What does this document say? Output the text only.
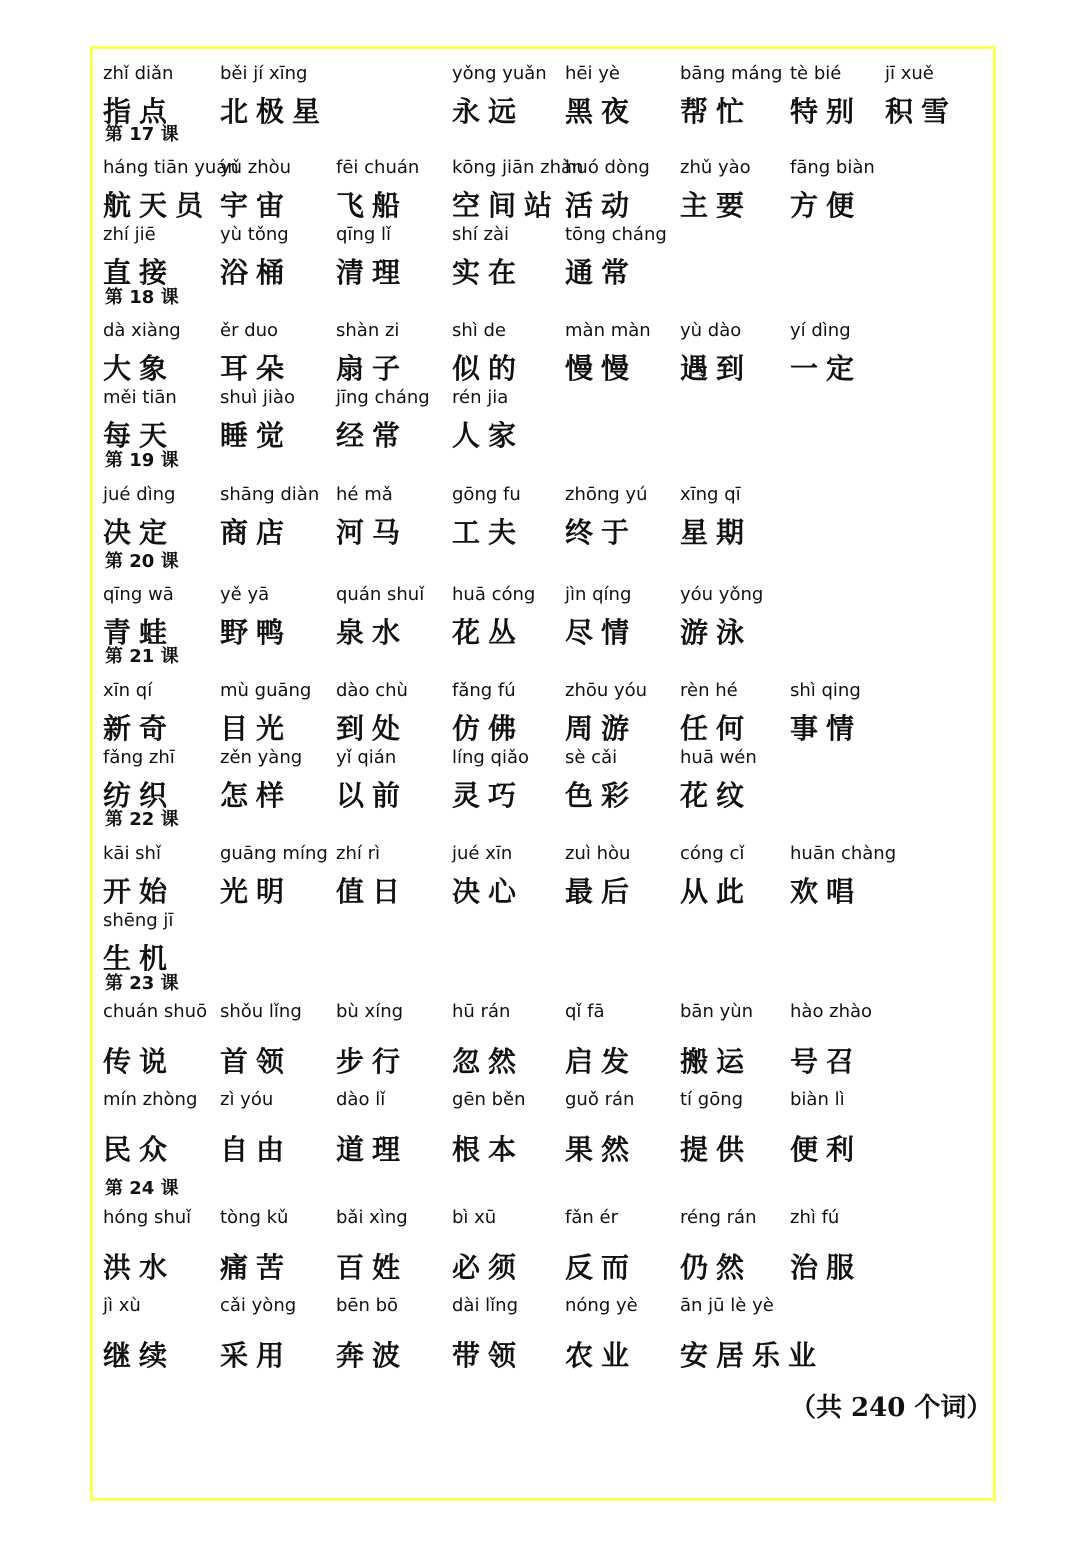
zhǐ diǎn
指点
běi jí xīng
北极星
yǒng yuǎn
永远
hēi yè
黑夜
bāng máng
帮忙
tè bié
特别
jī xuě
积雪
第 17 课
háng tiān yuán
航天员
yǔ zhòu
宇宙
fēi chuán
飞船
kōng jiān zhàn
空间站
huó dòng
活动
zhǔ yào
主要
fāng biàn
方便
zhí jiē
直接
yù tǒng
浴桶
qīng lǐ
清理
shí zài
实在
tōng cháng
通常
第 18 课
dà xiàng
大象
ěr duo
耳朵
shàn zi
扇子
shì de
似的
màn màn
慢慢
yù dào
遇到
yí dìng
一定
měi tiān
每天
shuì jiào
睡觉
jīng cháng
经常
rén jia
人家
第 19 课
jué dìng
决定
shāng diàn
商店
hé mǎ
河马
gōng fu
工夫
zhōng yú
终于
xīng qī
星期
第 20 课
qīng wā
青蛙
yě yā
野鸭
quán shuǐ
泉水
huā cóng
花丛
jìn qíng
尽情
yóu yǒng
游泳
第 21 课
xīn qí
新奇
mù guāng
目光
dào chù
到处
fǎng fú
仿佛
zhōu yóu
周游
rèn hé
任何
shì qing
事情
fǎng zhī
纺织
zěn yàng
怎样
yǐ qián
以前
líng qiǎo
灵巧
sè cǎi
色彩
huā wén
花纹
第 22 课
kāi shǐ
开始
guāng míng
光明
zhí rì
值日
jué xīn
决心
zuì hòu
最后
cóng cǐ
从此
huān chàng
欢唱
shēng jī
生机
第 23 课
chuán shuō
传说
shǒu lǐng
首领
bù xíng
步行
hū rán
忽然
qǐ fā
启发
bān yùn
搬运
hào zhào
号召
mín zhòng
民众
zì yóu
自由
dào lǐ
道理
gēn běn
根本
guǒ rán
果然
tí gōng
提供
biàn lì
便利
第 24 课
hóng shuǐ
洪水
tòng kǔ
痛苦
bǎi xìng
百姓
bì xū
必须
fǎn ér
反而
réng rán
仍然
zhì fú
治服
jì xù
继续
cǎi yòng
采用
bēn bō
奔波
dài lǐng
带领
nóng yè
农业
ān jū lè yè
安居乐业
（共 240 个词）
